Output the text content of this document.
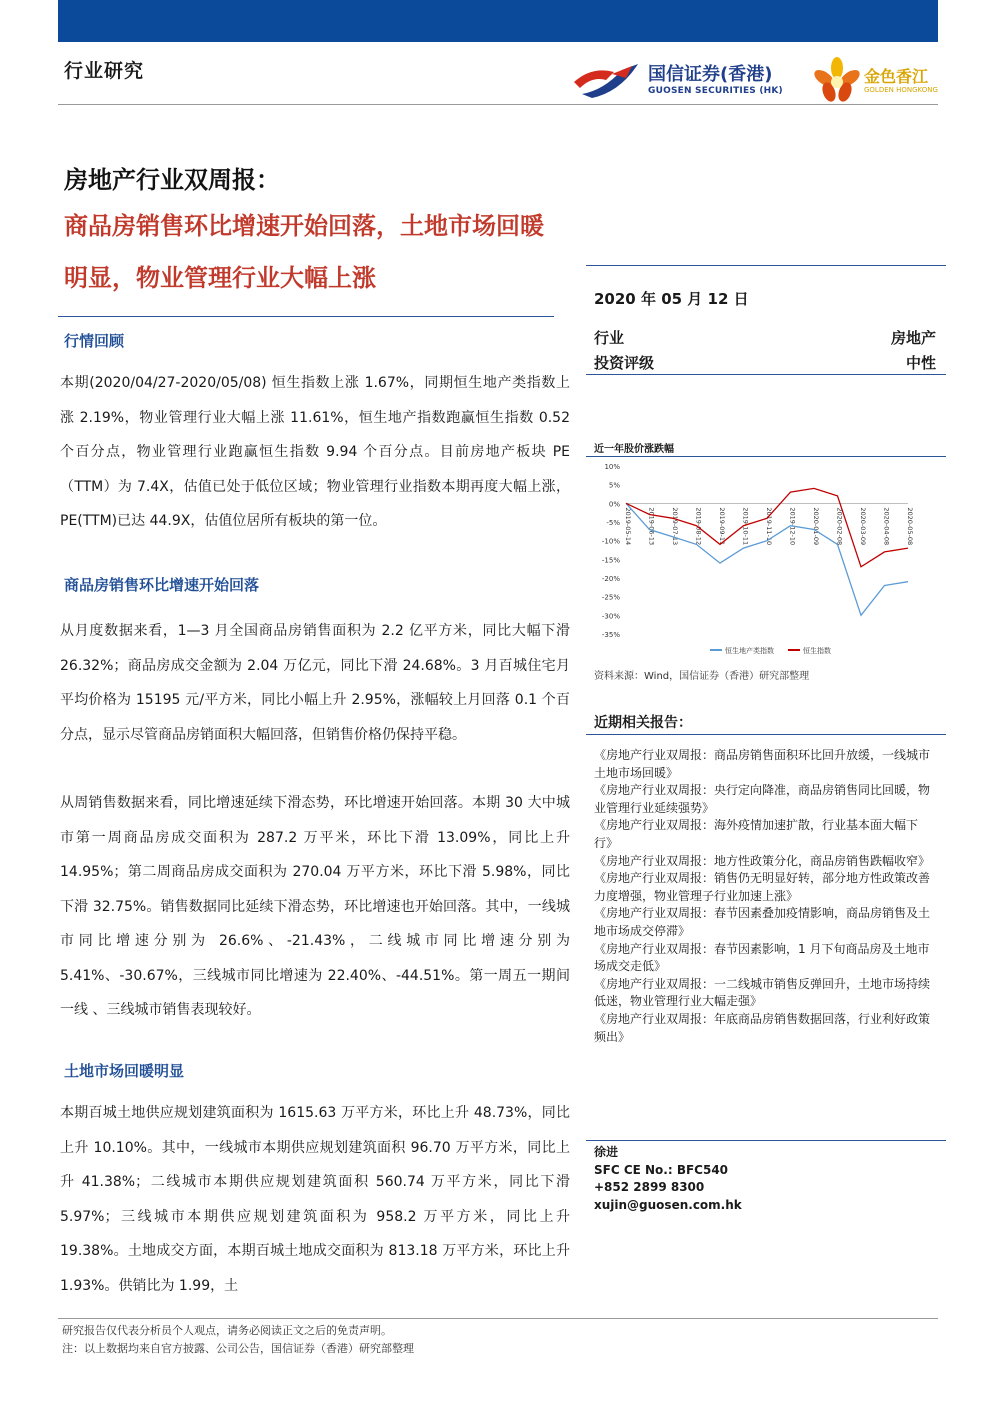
行业研究	国信证券(香港)
GUOSEN SECURITIES (HK)
金色香江
GOLDEN HONGKONG
房地产行业双周报：
商品房销售环比增速开始回落，土地市场回暖明显，物业管理行业大幅上涨
行情回顾
本期(2020/04/27-2020/05/08) 恒生指数上涨 1.67%，同期恒生地产类指数上涨 2.19%，物业管理行业大幅上涨 11.61%，恒生地产指数跑赢恒生指数 0.52 个百分点，物业管理行业跑赢恒生指数 9.94 个百分点。目前房地产板块 PE（TTM）为 7.4X，估值已处于低位区域；物业管理行业指数本期再度大幅上涨，PE(TTM)已达 44.9X，估值位居所有板块的第一位。
商品房销售环比增速开始回落
从月度数据来看，1—3 月全国商品房销售面积为 2.2 亿平方米，同比大幅下滑 26.32%；商品房成交金额为 2.04 万亿元，同比下滑 24.68%。3 月百城住宅月平均价格为 15195 元/平方米，同比小幅上升 2.95%，涨幅较上月回落 0.1 个百分点，显示尽管商品房销面积大幅回落，但销售价格仍保持平稳。
从周销售数据来看，同比增速延续下滑态势，环比增速开始回落。本期 30 大中城市第一周商品房成交面积为 287.2 万平米，环比下滑 13.09%，同比上升 14.95%；第二周商品房成交面积为 270.04 万平方米，环比下滑 5.98%，同比下滑 32.75%。销售数据同比延续下滑态势，环比增速也开始回落。其中，一线城市同比增速分别为 26.6%、-21.43%，二线城市同比增速分别为 5.41%、-30.67%，三线城市同比增速为 22.40%、-44.51%。第一周五一期间一线 、三线城市销售表现较好。
土地市场回暖明显
本期百城土地供应规划建筑面积为 1615.63 万平方米，环比上升 48.73%，同比上升 10.10%。其中，一线城市本期供应规划建筑面积 96.70 万平方米，同比上升 41.38%；二线城市本期供应规划建筑面积 560.74 万平方米，同比下滑 5.97%；三线城市本期供应规划建筑面积为 958.2 万平方米，同比上升 19.38%。土地成交方面，本期百城土地成交面积为 813.18 万平方米，环比上升 1.93%。供销比为 1.99，土
2020 年 05 月 12 日
行业	房地产
投资评级	中性
近一年股价涨跌幅
10%
5%
0%
-5%
-10%
-15%
-20%
-25%
-30%
-35%
2019-05-14 2019-06-13 2019-07-13 2019-08-12 2019-09-11 2019-10-11 2019-11-10 2019-12-10 2020-01-09 2020-02-08 2020-03-09 2020-04-08 2020-05-08
恒生地产类指数	恒生指数
资料来源：Wind，国信证券（香港）研究部整理
近期相关报告：
《房地产行业双周报：商品房销售面积环比回升放缓，一线城市土地市场回暖》
《房地产行业双周报：央行定向降准，商品房销售同比回暖，物业管理行业延续强势》
《房地产行业双周报：海外疫情加速扩散，行业基本面大幅下行》
《房地产行业双周报：地方性政策分化，商品房销售跌幅收窄》
《房地产行业双周报：销售仍无明显好转，部分地方性政策改善力度增强，物业管理子行业加速上涨》
《房地产行业双周报：春节因素叠加疫情影响，商品房销售及土地市场成交停滞》
《房地产行业双周报：春节因素影响，1 月下旬商品房及土地市场成交走低》
《房地产行业双周报：一二线城市销售反弹回升，土地市场持续低迷，物业管理行业大幅走强》
《房地产行业双周报：年底商品房销售数据回落，行业利好政策频出》
徐进
SFC CE No.: BFC540
+852 2899 8300
xujin@guosen.com.hk
研究报告仅代表分析员个人观点，请务必阅读正文之后的免责声明。
注：以上数据均来自官方披露、公司公告，国信证券（香港）研究部整理
